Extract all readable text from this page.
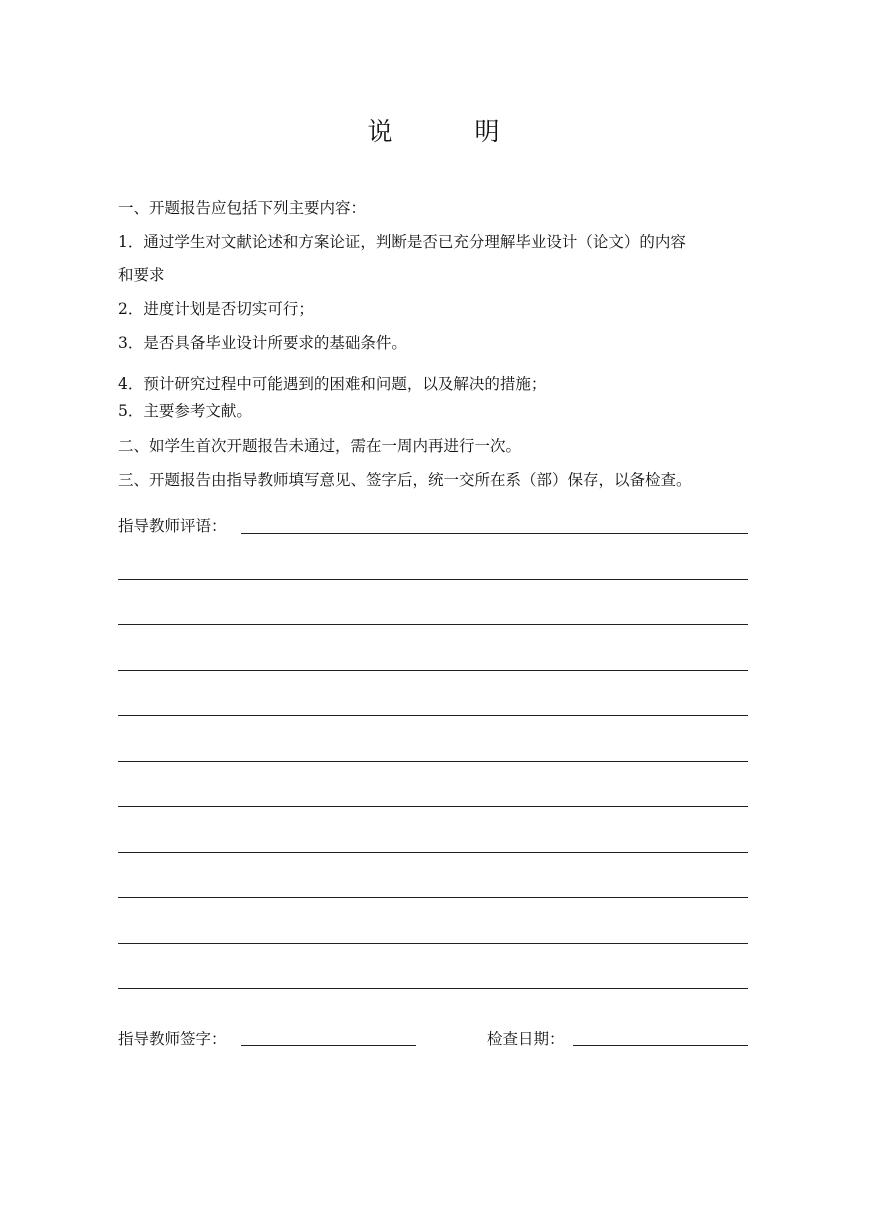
说	明
一、开题报告应包括下列主要内容：
1．通过学生对文献论述和方案论证，判断是否已充分理解毕业设计（论文）的内容
和要求
2．进度计划是否切实可行；
3．是否具备毕业设计所要求的基础条件。
4．预计研究过程中可能遇到的困难和问题，以及解决的措施；
5．主要参考文献。
二、如学生首次开题报告未通过，需在一周内再进行一次。
三、开题报告由指导教师填写意见、签字后，统一交所在系（部）保存，以备检查。
指导教师评语：
指导教师签字：	检查日期：
